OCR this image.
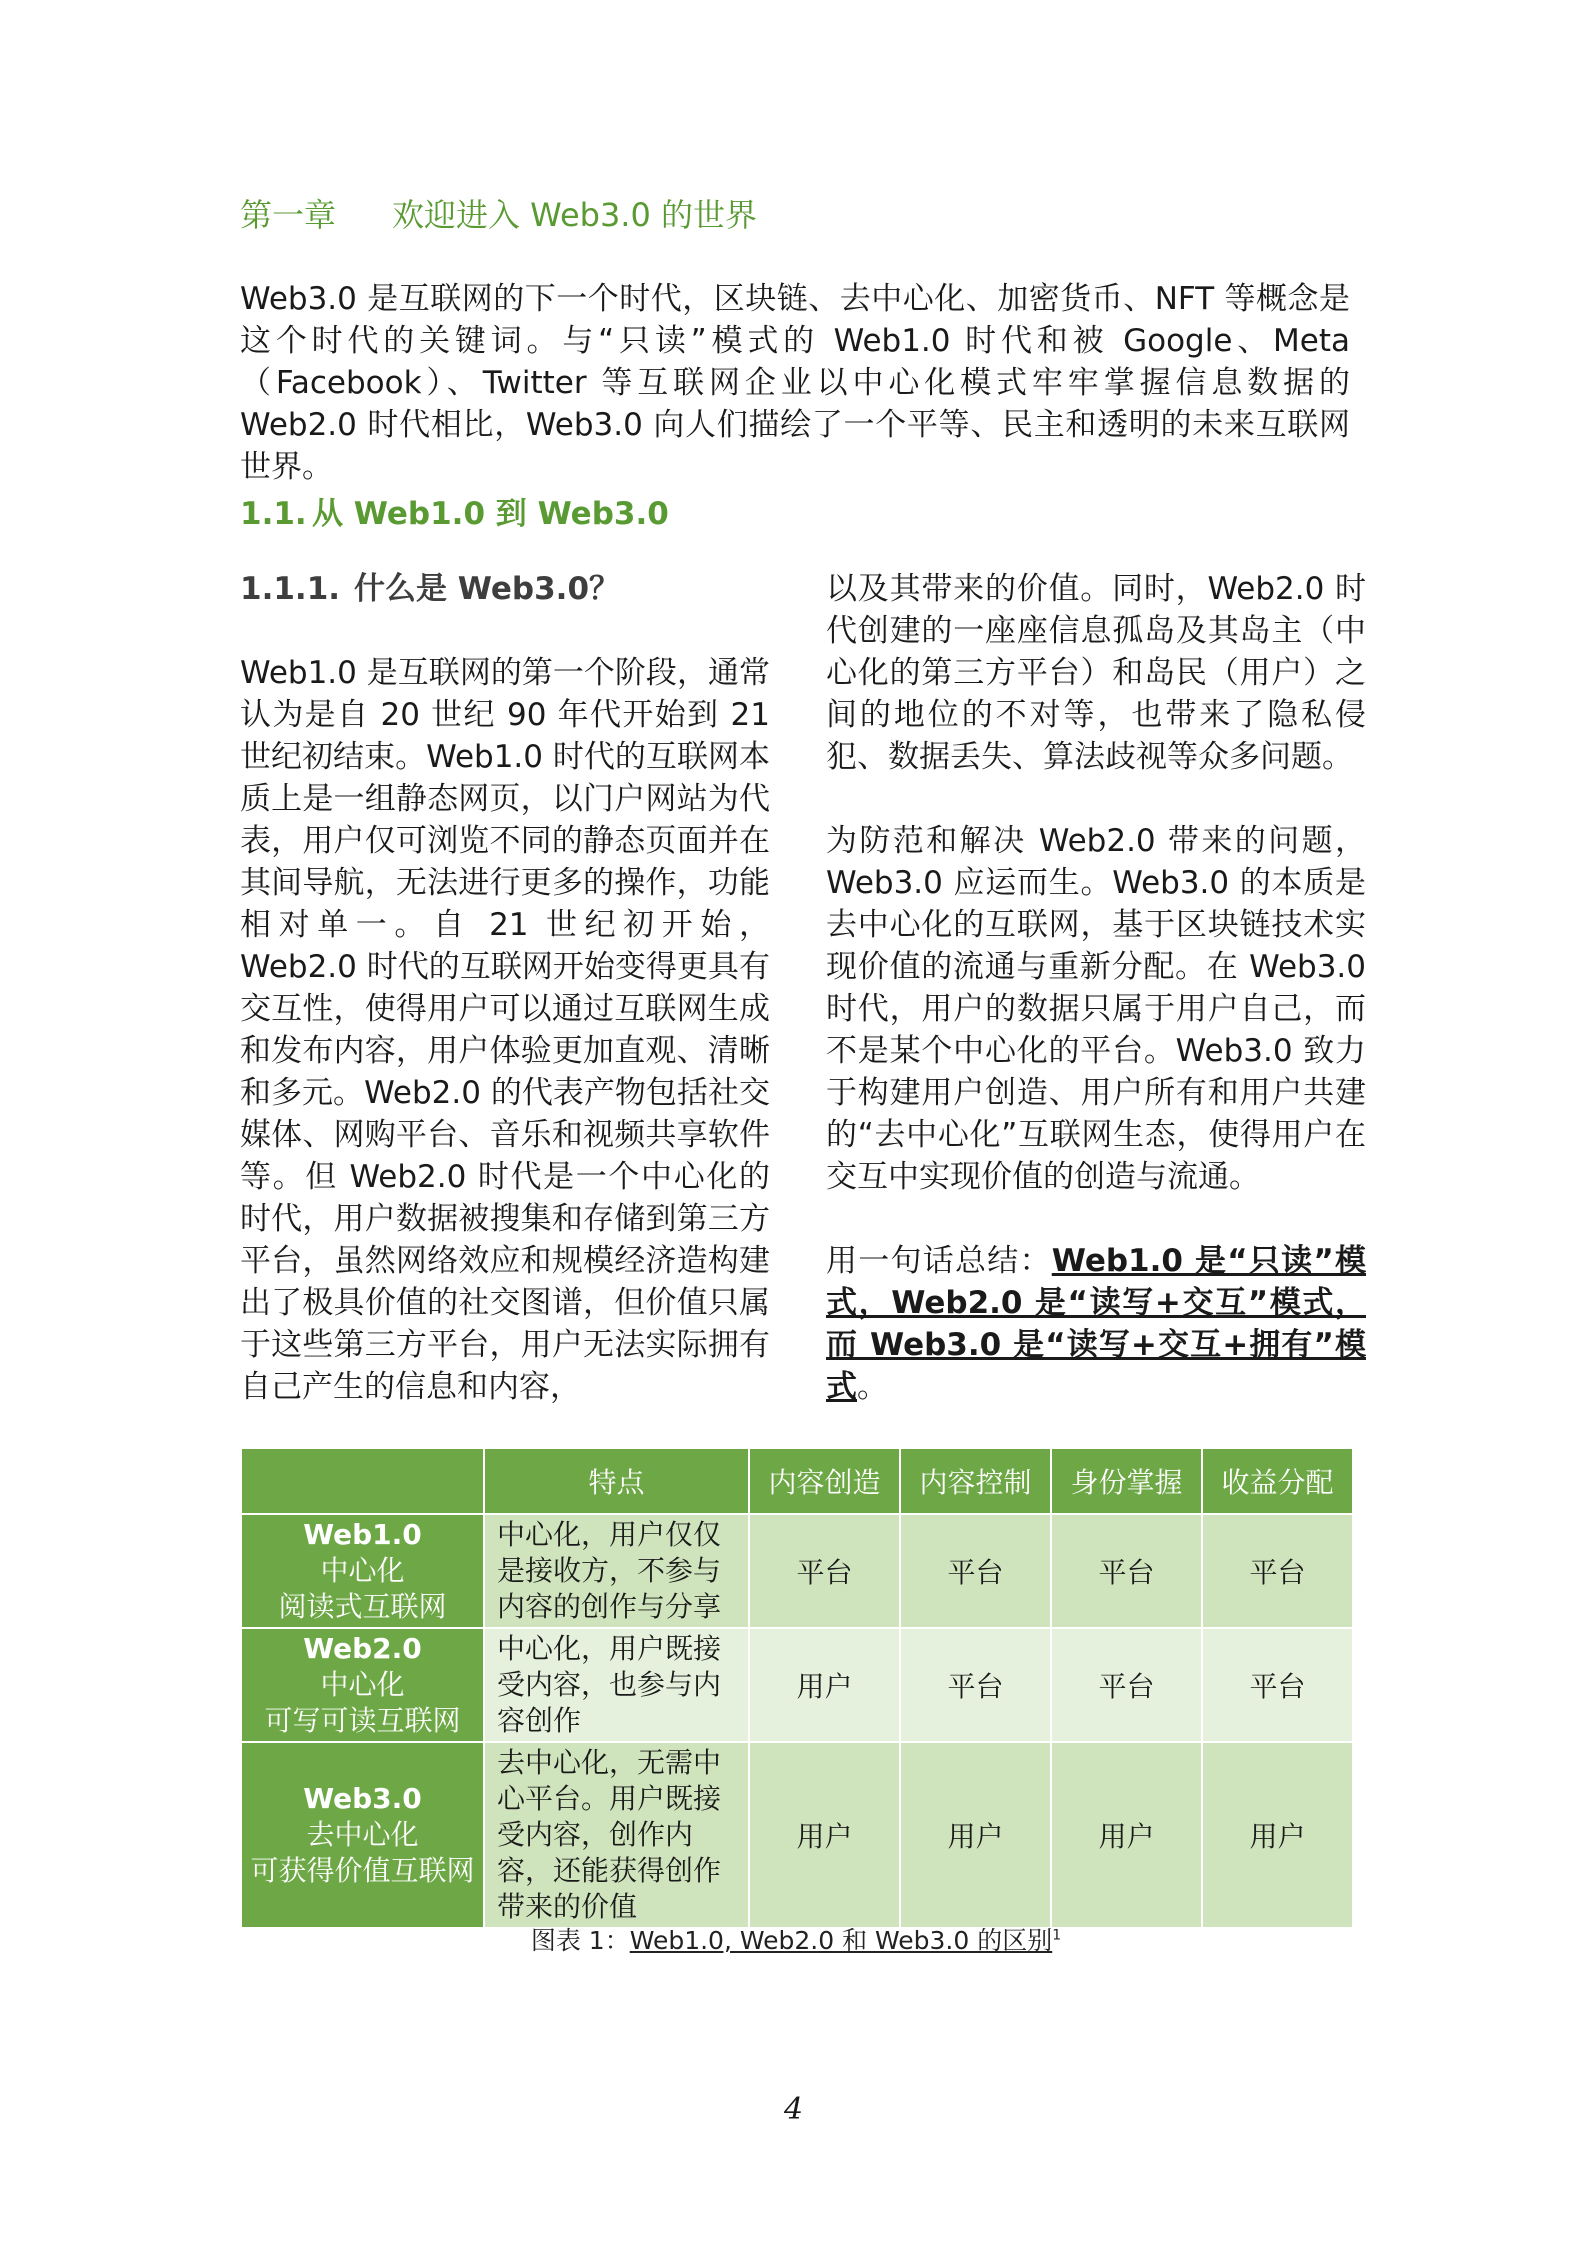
第一章 欢迎进入 Web3.0 的世界

Web3.0 是互联网的下一个时代，区块链、去中心化、加密货币、NFT 等概念是这个时代的关键词。与“只读”模式的 Web1.0 时代和被 Google、Meta（Facebook）、Twitter 等互联网企业以中心化模式牢牢掌握信息数据的 Web2.0 时代相比，Web3.0 向人们描绘了一个平等、民主和透明的未来互联网世界。

1.1. 从 Web1.0 到 Web3.0
1.1.1. 什么是 Web3.0？

Web1.0 是互联网的第一个阶段，通常认为是自 20 世纪 90 年代开始到 21 世纪初结束。Web1.0 时代的互联网本质上是一组静态网页，以门户网站为代表，用户仅可浏览不同的静态页面并在其间导航，无法进行更多的操作，功能相对单一。自 21 世纪初开始，Web2.0 时代的互联网开始变得更具有交互性，使得用户可以通过互联网生成和发布内容，用户体验更加直观、清晰和多元。Web2.0 的代表产物包括社交媒体、网购平台、音乐和视频共享软件等。但 Web2.0 时代是一个中心化的时代，用户数据被搜集和存储到第三方平台，虽然网络效应和规模经济造构建出了极具价值的社交图谱，但价值只属于这些第三方平台，用户无法实际拥有自己产生的信息和内容，

以及其带来的价值。同时，Web2.0 时代创建的一座座信息孤岛及其岛主（中心化的第三方平台）和岛民（用户）之间的地位的不对等，也带来了隐私侵犯、数据丢失、算法歧视等众多问题。

为防范和解决 Web2.0 带来的问题，Web3.0 应运而生。Web3.0 的本质是去中心化的互联网，基于区块链技术实现价值的流通与重新分配。在 Web3.0 时代，用户的数据只属于用户自己，而不是某个中心化的平台。Web3.0 致力于构建用户创造、用户所有和用户共建的“去中心化”互联网生态，使得用户在交互中实现价值的创造与流通。

用一句话总结：Web1.0 是“只读”模式，Web2.0 是“读写+交互”模式，而 Web3.0 是“读写+交互+拥有”模式。

	特点	内容创造	内容控制	身份掌握	收益分配

Web1.0
中心化
阅读式互联网	中心化，用户仅仅是接收方，不参与内容的创作与分享	平台	平台	平台	平台

Web2.0
中心化
可写可读互联网	中心化，用户既接受内容，也参与内容创作	用户	平台	平台	平台

Web3.0
去中心化
可获得价值互联网	去中心化，无需中心平台。用户既接受内容，创作内容，还能获得创作带来的价值	用户	用户	用户	用户
图表 1：Web1.0, Web2.0 和 Web3.0 的区别$^1$
4
